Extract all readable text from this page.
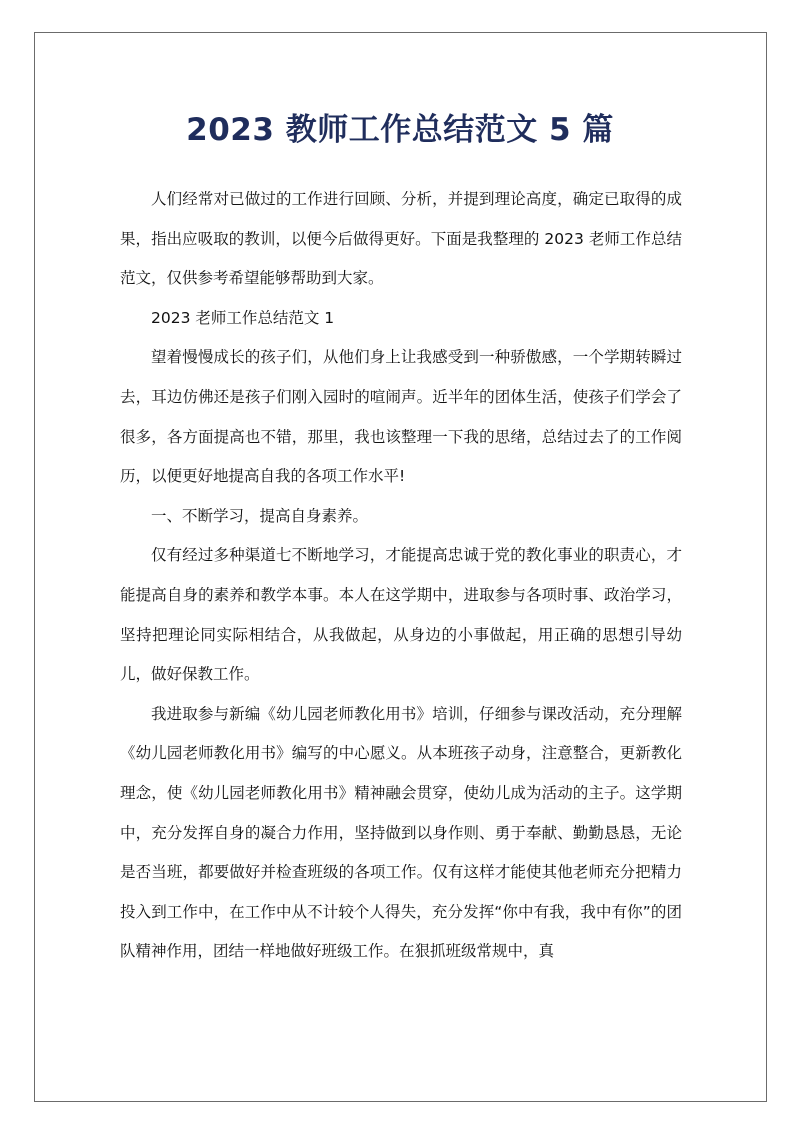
2023 教师工作总结范文 5 篇

人们经常对已做过的工作进行回顾、分析，并提到理论高度，确定已取得的成果，指出应吸取的教训，以便今后做得更好。下面是我整理的 2023 老师工作总结范文，仅供参考希望能够帮助到大家。

2023 老师工作总结范文 1

望着慢慢成长的孩子们，从他们身上让我感受到一种骄傲感，一个学期转瞬过去，耳边仿佛还是孩子们刚入园时的喧闹声。近半年的团体生活，使孩子们学会了很多，各方面提高也不错，那里，我也该整理一下我的思绪，总结过去了的工作阅历，以便更好地提高自我的各项工作水平!

一、不断学习，提高自身素养。

仅有经过多种渠道七不断地学习，才能提高忠诚于党的教化事业的职责心，才能提高自身的素养和教学本事。本人在这学期中，进取参与各项时事、政治学习，坚持把理论同实际相结合，从我做起，从身边的小事做起，用正确的思想引导幼儿，做好保教工作。

我进取参与新编《幼儿园老师教化用书》培训，仔细参与课改活动，充分理解《幼儿园老师教化用书》编写的中心愿义。从本班孩子动身，注意整合，更新教化理念，使《幼儿园老师教化用书》精神融会贯穿，使幼儿成为活动的主子。这学期中，充分发挥自身的凝合力作用，坚持做到以身作则、勇于奉献、勤勤恳恳，无论是否当班，都要做好并检查班级的各项工作。仅有这样才能使其他老师充分把精力投入到工作中，在工作中从不计较个人得失，充分发挥“你中有我，我中有你”的团队精神作用，团结一样地做好班级工作。在狠抓班级常规中，真
